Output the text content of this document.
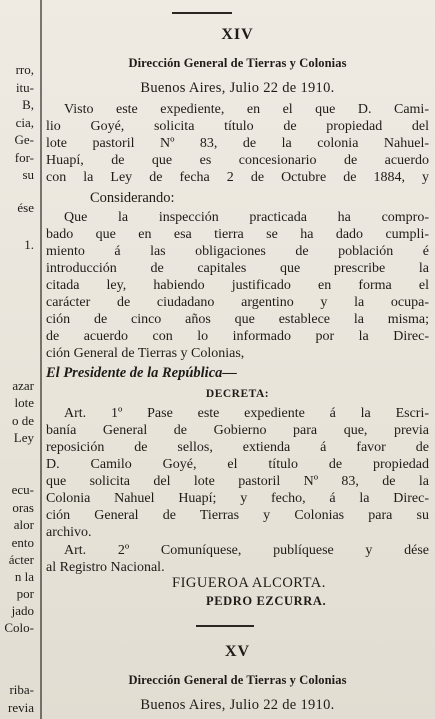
rro,
itu-
B,
cia,
Ge-
for-
su
ése
1.
azar
lote
o de
Ley
ecu-
oras
alor
ento
ácter
n la
por
jado
Colo-
riba-
revia
XIV
Dirección General de Tierras y Colonias
Buenos Aires, Julio 22 de 1910.
Visto este expediente, en el que D. Cami-
lio Goyé, solicita título de propiedad del
lote pastoril Nº 83, de la colonia Nahuel-
Huapí, de que es concesionario de acuerdo
con la Ley de fecha 2 de Octubre de 1884, y
Considerando:
Que la inspección practicada ha compro-
bado que en esa tierra se ha dado cumpli-
miento á las obligaciones de población é
introducción de capitales que prescribe la
citada ley, habiendo justificado en forma el
carácter de ciudadano argentino y la ocupa-
ción de cinco años que establece la misma;
de acuerdo con lo informado por la Direc-
ción General de Tierras y Colonias,
El Presidente de la República—
DECRETA:
Art. 1º Pase este expediente á la Escri-
banía General de Gobierno para que, previa
reposición de sellos, extienda á favor de
D. Camilo Goyé, el título de propiedad
que solicita del lote pastoril Nº 83, de la
Colonia Nahuel Huapí; y fecho, á la Direc-
ción General de Tierras y Colonias para su
archivo.
Art. 2º Comuníquese, publíquese y dése
al Registro Nacional.
FIGUEROA ALCORTA.
PEDRO EZCURRA.
XV
Dirección General de Tierras y Colonias
Buenos Aires, Julio 22 de 1910.
